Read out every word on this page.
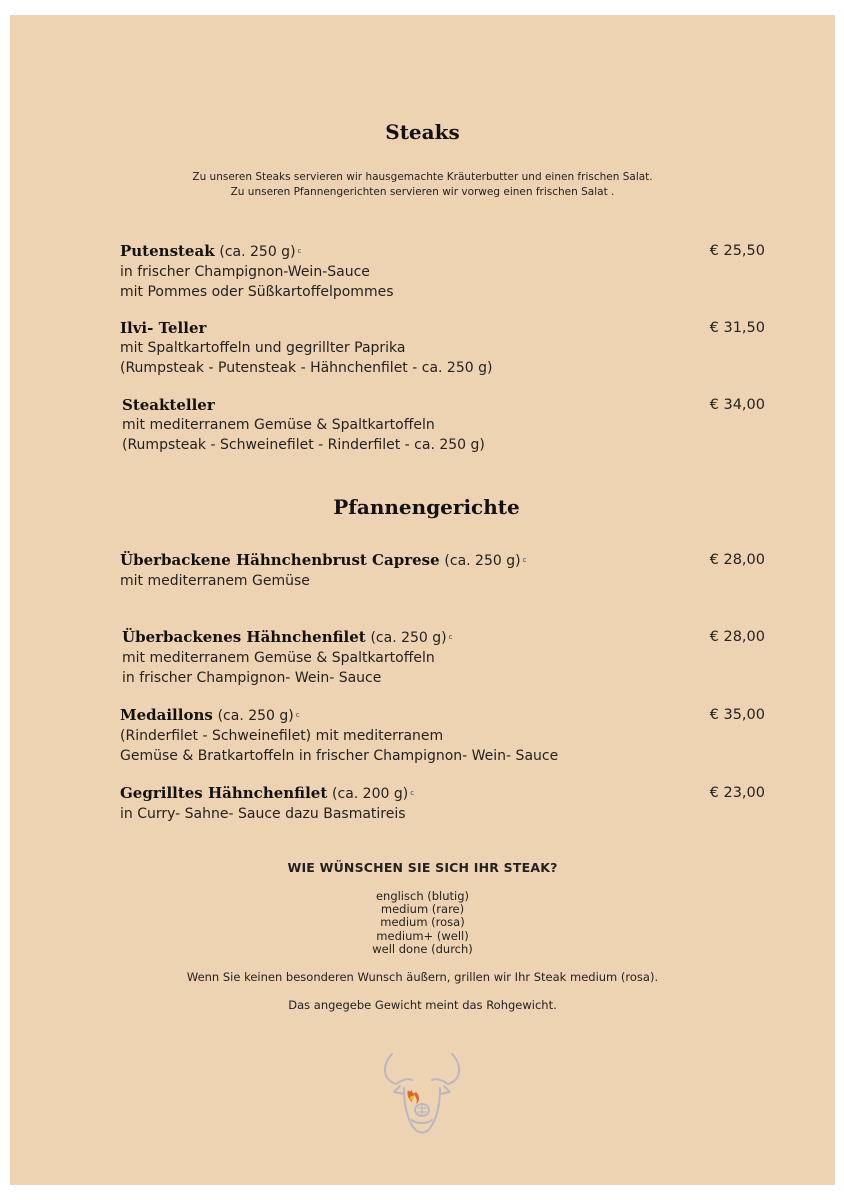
Steaks
Zu unseren Steaks servieren wir hausgemachte Kräuterbutter und einen frischen Salat.
Zu unseren Pfannengerichten servieren wir vorweg einen frischen Salat .
Putensteak (ca. 250 g) $^c$
in frischer Champignon-Wein-Sauce
mit Pommes oder Süßkartoffelpommes
€ 25,50
Ilvi- Teller
mit Spaltkartoffeln und gegrillter Paprika
(Rumpsteak - Putensteak - Hähnchenfilet - ca. 250 g)
€ 31,50
Steakteller
mit mediterranem Gemüse & Spaltkartoffeln
(Rumpsteak - Schweinefilet - Rinderfilet - ca. 250 g)
€ 34,00
Pfannengerichte
Überbackene Hähnchenbrust Caprese (ca. 250 g) $^c$
mit mediterranem Gemüse
€ 28,00
Überbackenes Hähnchenfilet (ca. 250 g) $^c$
mit mediterranem Gemüse & Spaltkartoffeln
in frischer Champignon- Wein- Sauce
€ 28,00
Medaillons (ca. 250 g) $^c$
(Rinderfilet - Schweinefilet) mit mediterranem
Gemüse & Bratkartoffeln in frischer Champignon- Wein- Sauce
€ 35,00
Gegrilltes Hähnchenfilet (ca. 200 g) $^c$
in Curry- Sahne- Sauce dazu Basmatireis
€ 23,00
WIE WÜNSCHEN SIE SICH IHR STEAK?
englisch (blutig)
medium (rare)
medium (rosa)
medium+ (well)
well done (durch)
Wenn Sie keinen besonderen Wunsch äußern, grillen wir Ihr Steak medium (rosa).
Das angegebe Gewicht meint das Rohgewicht.
